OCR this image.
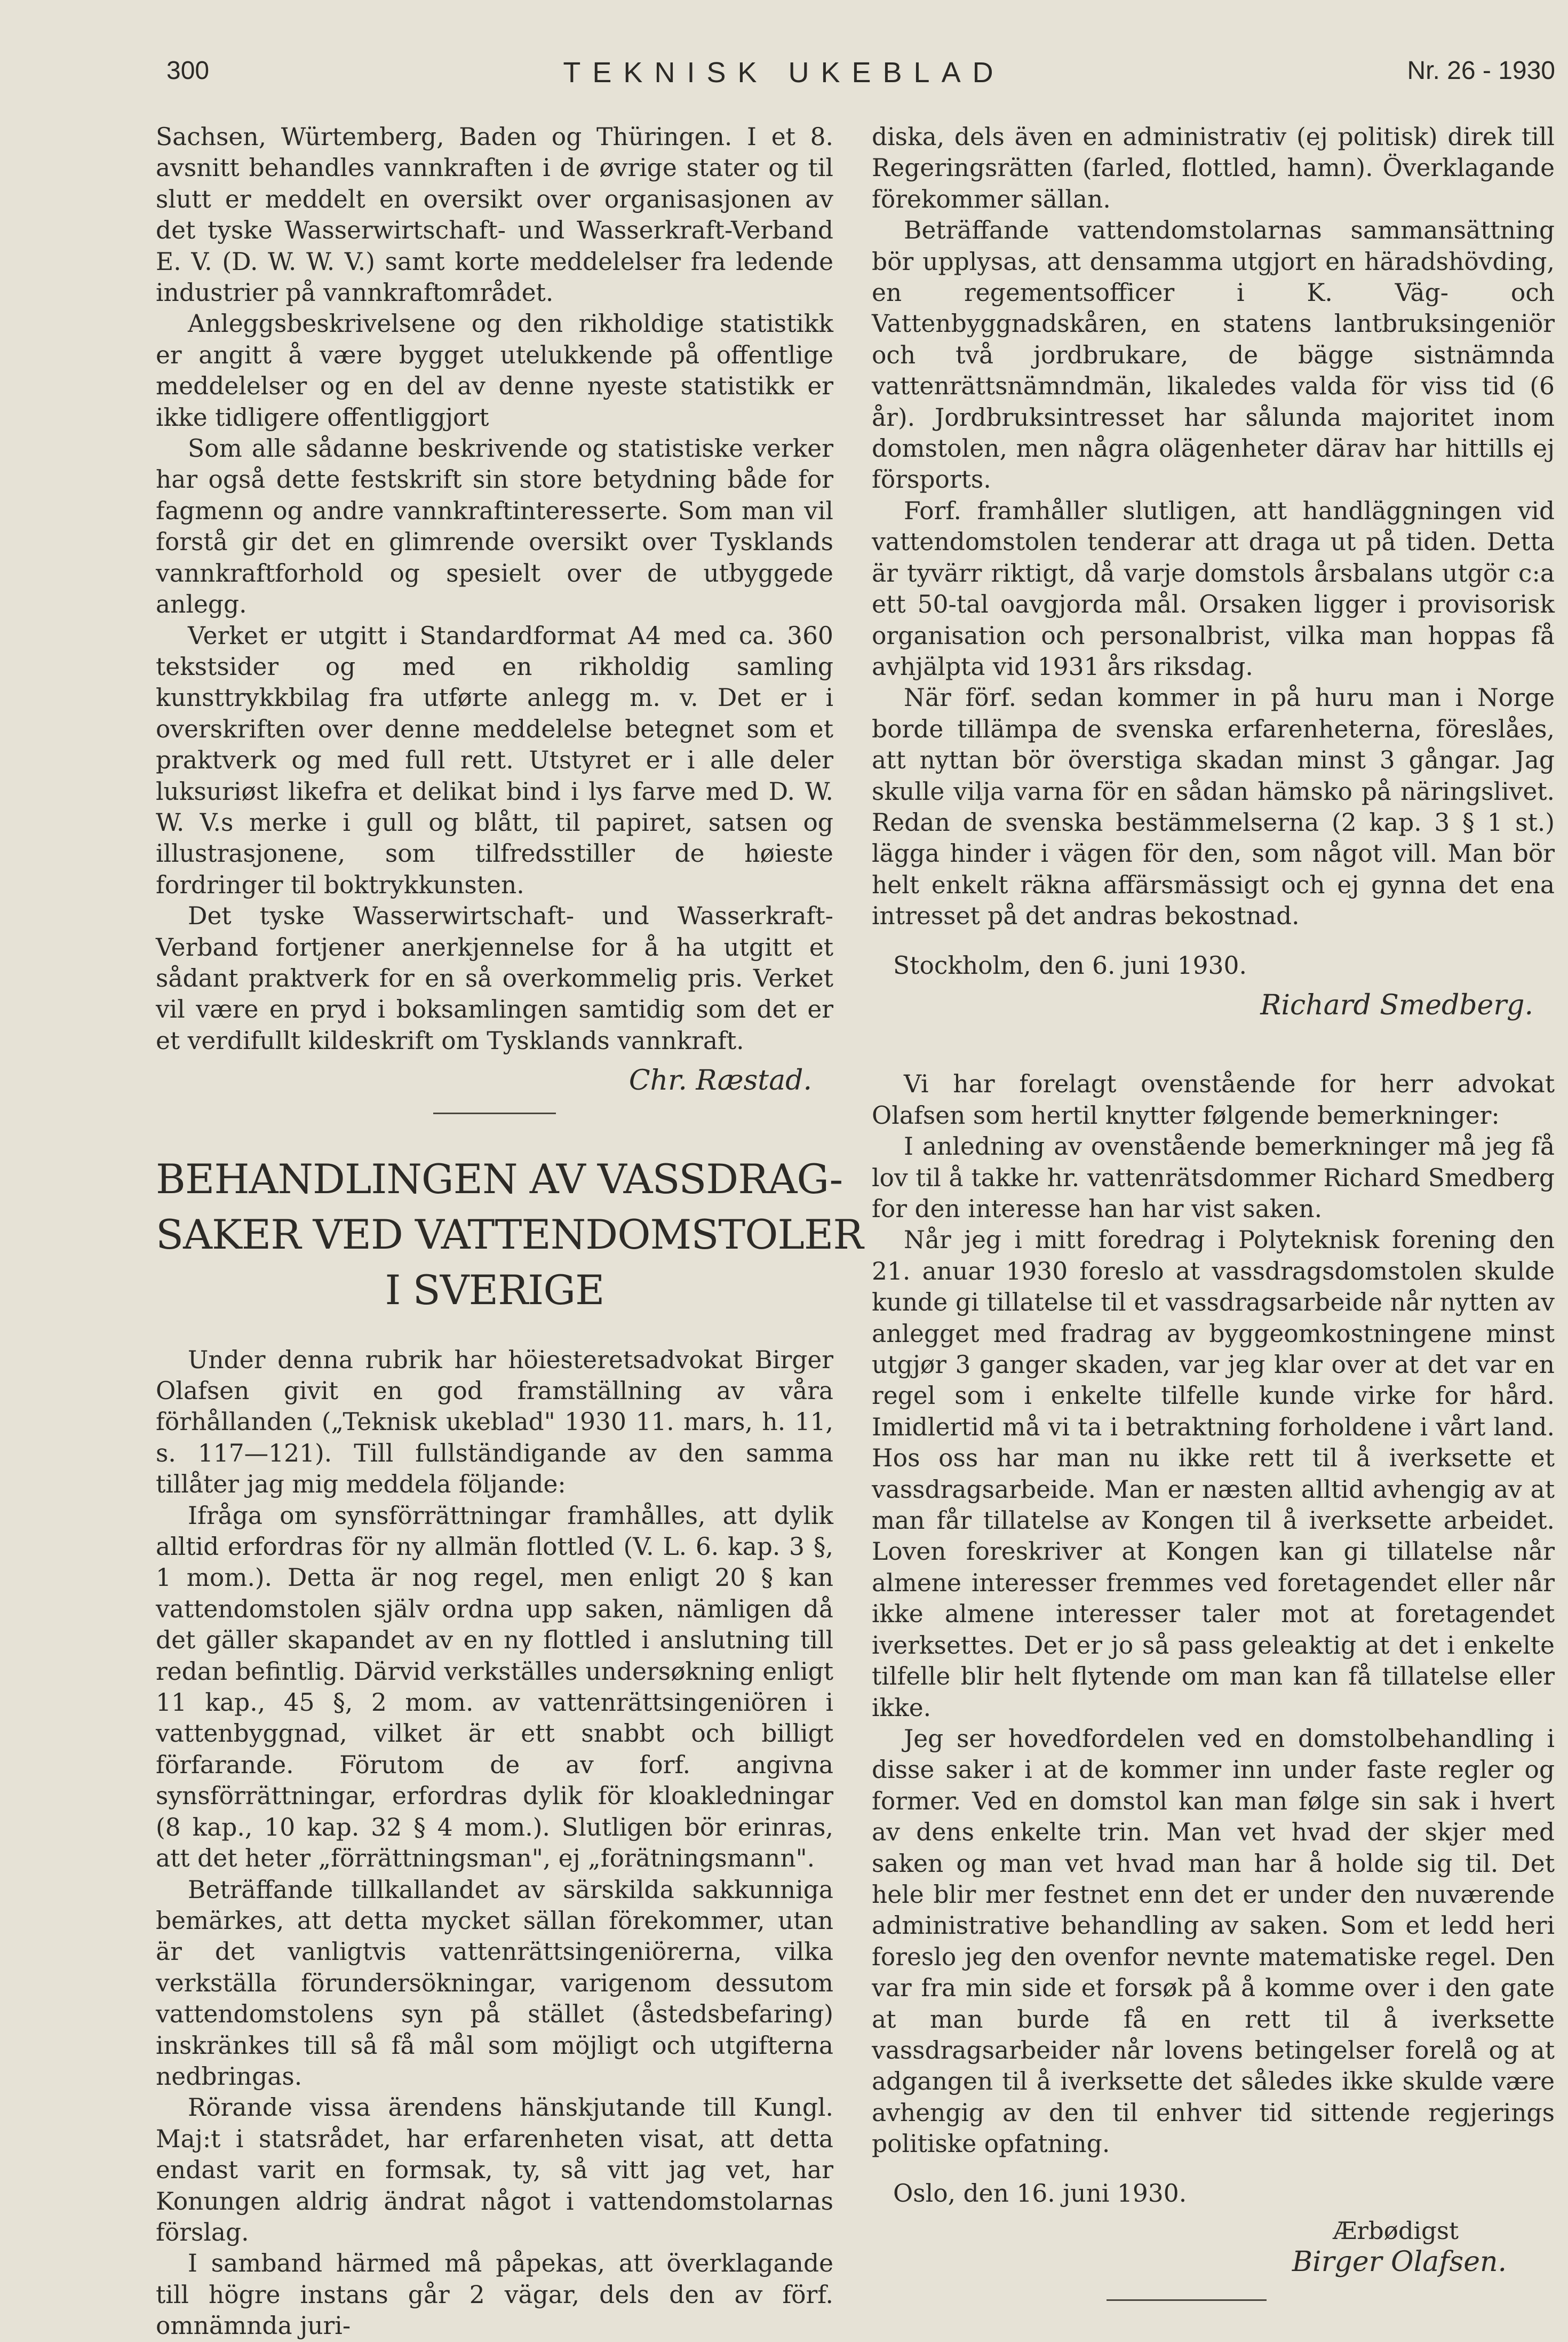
300	TEKNISK UKEBLAD	Nr. 26 - 1930

Sachsen, Würtemberg, Baden og Thüringen. I et 8. avsnitt behandles vannkraften i de øvrige stater og til slutt er meddelt en oversikt over organisasjonen av det tyske Wasserwirtschaft- und Wasserkraft-Verband E. V. (D. W. W. V.) samt korte meddelelser fra ledende industrier på vannkraftområdet.

Anleggsbeskrivelsene og den rikholdige statistikk er angitt å være bygget utelukkende på offentlige meddelelser og en del av denne nyeste statistikk er ikke tidligere offentliggjort

Som alle sådanne beskrivende og statistiske verker har også dette festskrift sin store betydning både for fagmenn og andre vannkraftinteresserte. Som man vil forstå gir det en glimrende oversikt over Tysklands vannkraftforhold og spesielt over de utbyggede anlegg.

Verket er utgitt i Standardformat A4 med ca. 360 tekstsider og med en rikholdig samling kunsttrykkbilag fra utførte anlegg m. v. Det er i overskriften over denne meddelelse betegnet som et praktverk og med full rett. Utstyret er i alle deler luksuriøst likefra et delikat bind i lys farve med D. W. W. V.s merke i gull og blått, til papiret, satsen og illustrasjonene, som tilfredsstiller de høieste fordringer til boktrykkunsten.

Det tyske Wasserwirtschaft- und Wasserkraft-Verband fortjener anerkjennelse for å ha utgitt et sådant praktverk for en så overkommelig pris. Verket vil være en pryd i boksamlingen samtidig som det er et verdifullt kildeskrift om Tysklands vannkraft.

Chr. Ræstad.
BEHANDLINGEN AV VASSDRAG-
SAKER VED VATTENDOMSTOLER
I SVERIGE

Under denna rubrik har höiesteretsadvokat Birger Olafsen givit en god framställning av våra förhållanden („Teknisk ukeblad" 1930 11. mars, h. 11, s. 117—121). Till fullständigande av den samma tillåter jag mig meddela följande:

Ifråga om synsförrättningar framhålles, att dylik alltid erfordras för ny allmän flottled (V. L. 6. kap. 3 §, 1 mom.). Detta är nog regel, men enligt 20 § kan vattendomstolen själv ordna upp saken, nämligen då det gäller skapandet av en ny flottled i anslutning till redan befintlig. Därvid verkställes undersøkning enligt 11 kap., 45 §, 2 mom. av vattenrättsingeniören i vattenbyggnad, vilket är ett snabbt och billigt förfarande. Förutom de av forf. angivna synsförrättningar, erfordras dylik för kloakledningar (8 kap., 10 kap. 32 § 4 mom.). Slutligen bör erinras, att det heter „förrättningsman", ej „forätningsmann".

Beträffande tillkallandet av särskilda sakkunniga bemärkes, att detta mycket sällan förekommer, utan är det vanligtvis vattenrättsingeniörerna, vilka verkställa förundersökningar, varigenom dessutom vattendomstolens syn på stället (åstedsbefaring) inskränkes till så få mål som möjligt och utgifterna nedbringas.

Rörande vissa ärendens hänskjutande till Kungl. Maj:t i statsrådet, har erfarenheten visat, att detta endast varit en formsak, ty, så vitt jag vet, har Konungen aldrig ändrat något i vattendomstolarnas förslag.

I samband härmed må påpekas, att överklagande till högre instans går 2 vägar, dels den av förf. omnämnda juri-

diska, dels även en administrativ (ej politisk) direk till Regeringsrätten (farled, flottled, hamn). Överklagande förekommer sällan.

Beträffande vattendomstolarnas sammansättning bör upplysas, att densamma utgjort en häradshövding, en regementsofficer i K. Väg- och Vattenbyggnadskåren, en statens lantbruksingeniör och två jordbrukare, de bägge sistnämnda vattenrättsnämndmän, likaledes valda för viss tid (6 år). Jordbruksintresset har sålunda majoritet inom domstolen, men några olägenheter därav har hittills ej försports.

Forf. framhåller slutligen, att handläggningen vid vattendomstolen tenderar att draga ut på tiden. Detta är tyvärr riktigt, då varje domstols årsbalans utgör c:a ett 50-tal oavgjorda mål. Orsaken ligger i provisorisk organisation och personalbrist, vilka man hoppas få avhjälpta vid 1931 års riksdag.

När förf. sedan kommer in på huru man i Norge borde tillämpa de svenska erfarenheterna, föreslåes, att nyttan bör överstiga skadan minst 3 gångar. Jag skulle vilja varna för en sådan hämsko på näringslivet. Redan de svenska bestämmelserna (2 kap. 3 § 1 st.) lägga hinder i vägen för den, som något vill. Man bör helt enkelt räkna affärsmässigt och ej gynna det ena intresset på det andras bekostnad.

Stockholm, den 6. juni 1930.

Richard Smedberg.

Vi har forelagt ovenstående for herr advokat Olafsen som hertil knytter følgende bemerkninger:

I anledning av ovenstående bemerkninger må jeg få lov til å takke hr. vattenrätsdommer Richard Smedberg for den interesse han har vist saken.

Når jeg i mitt foredrag i Polyteknisk forening den 21. anuar 1930 foreslo at vassdragsdomstolen skulde kunde gi tillatelse til et vassdragsarbeide når nytten av anlegget med fradrag av byggeomkostningene minst utgjør 3 ganger skaden, var jeg klar over at det var en regel som i enkelte tilfelle kunde virke for hård. Imidlertid må vi ta i betraktning forholdene i vårt land. Hos oss har man nu ikke rett til å iverksette et vassdragsarbeide. Man er næsten alltid avhengig av at man får tillatelse av Kongen til å iverksette arbeidet. Loven foreskriver at Kongen kan gi tillatelse når almene interesser fremmes ved foretagendet eller når ikke almene interesser taler mot at foretagendet iverksettes. Det er jo så pass geleaktig at det i enkelte tilfelle blir helt flytende om man kan få tillatelse eller ikke.

Jeg ser hovedfordelen ved en domstolbehandling i disse saker i at de kommer inn under faste regler og former. Ved en domstol kan man følge sin sak i hvert av dens enkelte trin. Man vet hvad der skjer med saken og man vet hvad man har å holde sig til. Det hele blir mer festnet enn det er under den nuværende administrative behandling av saken. Som et ledd heri foreslo jeg den ovenfor nevnte matematiske regel. Den var fra min side et forsøk på å komme over i den gate at man burde få en rett til å iverksette vassdragsarbeider når lovens betingelser forelå og at adgangen til å iverksette det således ikke skulde være avhengig av den til enhver tid sittende regjerings politiske opfatning.

Oslo, den 16. juni 1930.

Ærbødigst
Birger Olafsen.
